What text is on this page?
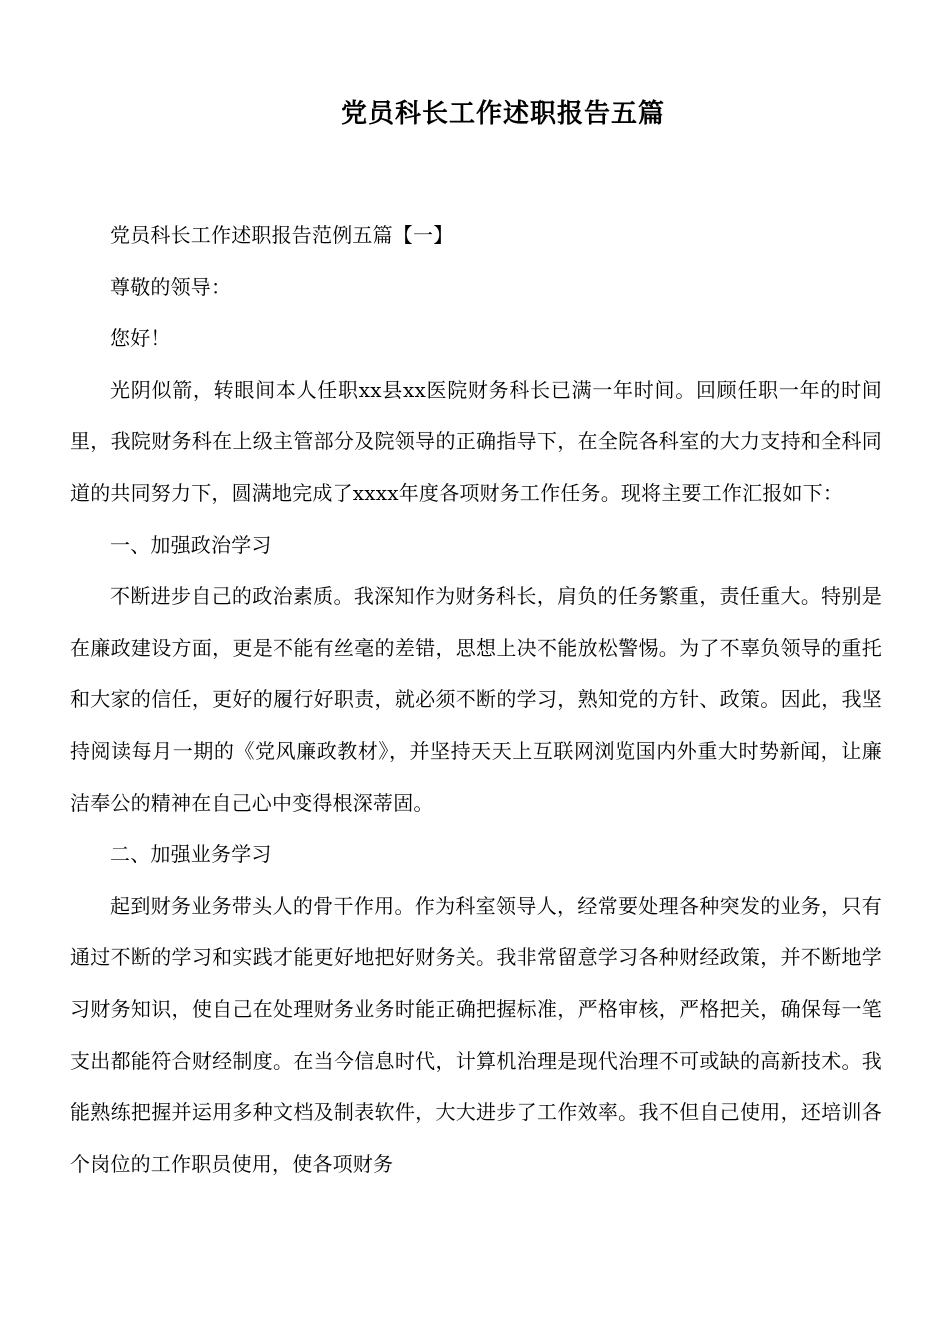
党员科长工作述职报告五篇

党员科长工作述职报告范例五篇【一】

尊敬的领导：

您好！

光阴似箭，转眼间本人任职xx县xx医院财务科长已满一年时间。回顾任职一年的时间里，我院财务科在上级主管部分及院领导的正确指导下，在全院各科室的大力支持和全科同道的共同努力下，圆满地完成了xxxx年度各项财务工作任务。现将主要工作汇报如下：

一、加强政治学习

不断进步自己的政治素质。我深知作为财务科长，肩负的任务繁重，责任重大。特别是在廉政建设方面，更是不能有丝毫的差错，思想上决不能放松警惕。为了不辜负领导的重托和大家的信任，更好的履行好职责，就必须不断的学习，熟知党的方针、政策。因此，我坚持阅读每月一期的《党风廉政教材》，并坚持天天上互联网浏览国内外重大时势新闻，让廉洁奉公的精神在自己心中变得根深蒂固。

二、加强业务学习

起到财务业务带头人的骨干作用。作为科室领导人，经常要处理各种突发的业务，只有通过不断的学习和实践才能更好地把好财务关。我非常留意学习各种财经政策，并不断地学习财务知识，使自己在处理财务业务时能正确把握标准，严格审核，严格把关，确保每一笔支出都能符合财经制度。在当今信息时代，计算机治理是现代治理不可或缺的高新技术。我能熟练把握并运用多种文档及制表软件，大大进步了工作效率。我不但自己使用，还培训各个岗位的工作职员使用，使各项财务
